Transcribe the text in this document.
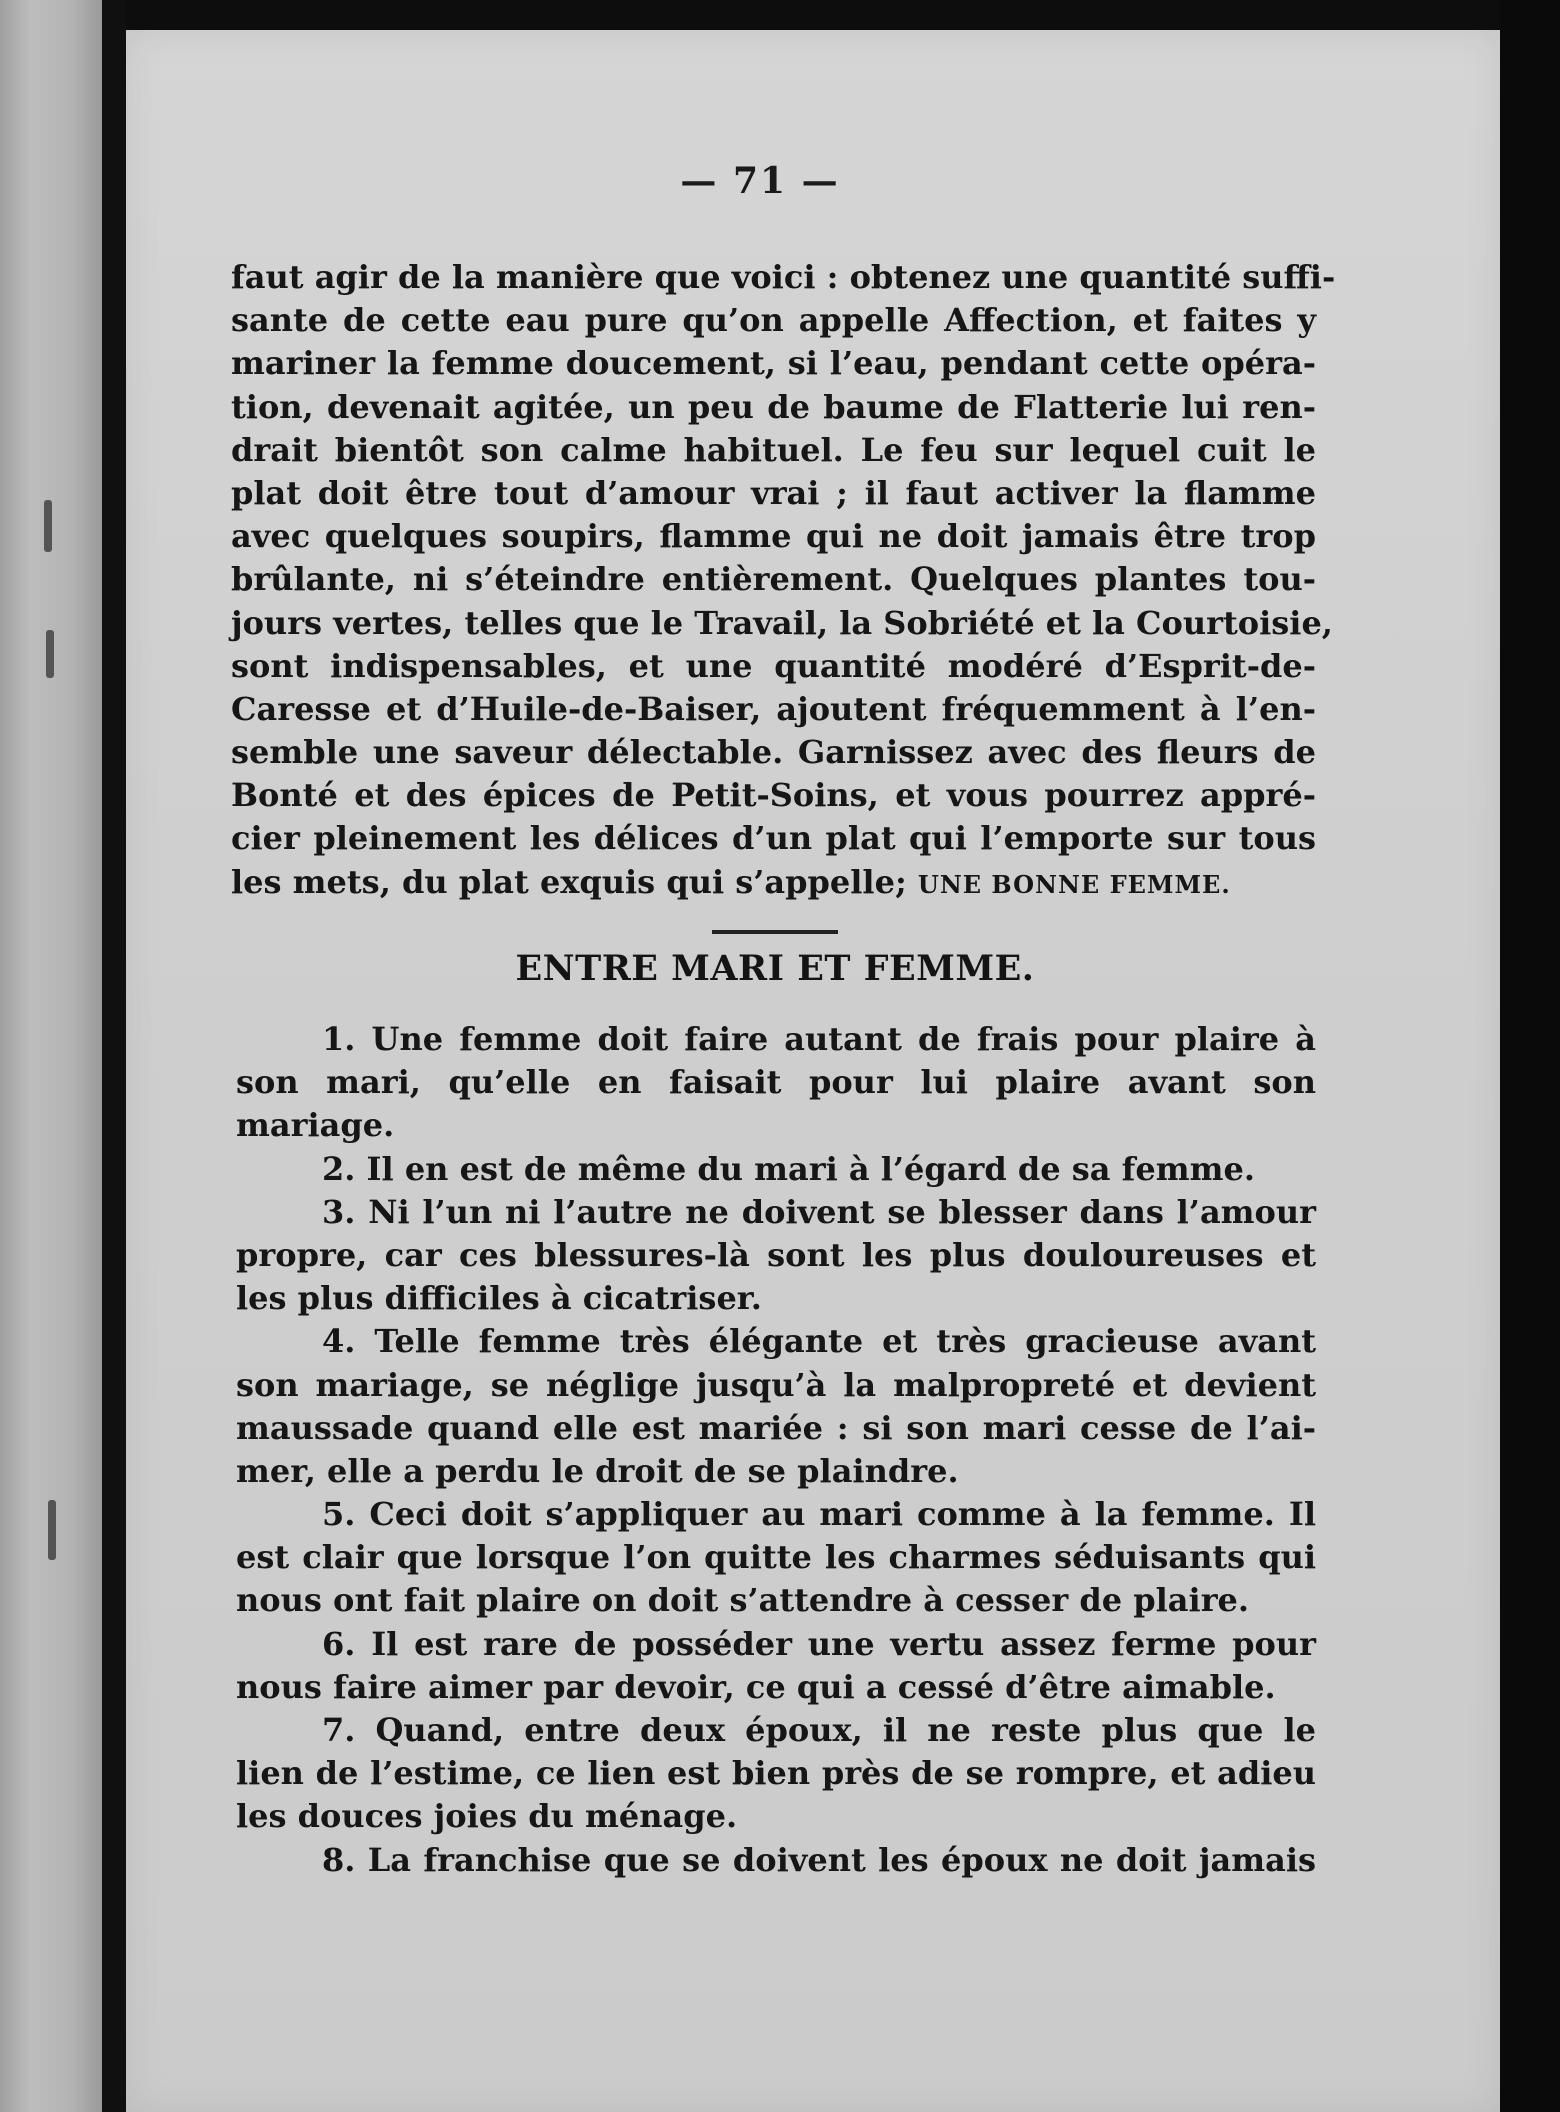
— 71 —
faut agir de la manière que voici : obtenez une quantité suffi-
sante de cette eau pure qu’on appelle Affection, et faites y
mariner la femme doucement, si l’eau, pendant cette opéra-
tion, devenait agitée, un peu de baume de Flatterie lui ren-
drait bientôt son calme habituel. Le feu sur lequel cuit le
plat doit être tout d’amour vrai ; il faut activer la flamme
avec quelques soupirs, flamme qui ne doit jamais être trop
brûlante, ni s’éteindre entièrement. Quelques plantes tou-
jours vertes, telles que le Travail, la Sobriété et la Courtoisie,
sont indispensables, et une quantité modéré d’Esprit-de-
Caresse et d’Huile-de-Baiser, ajoutent fréquemment à l’en-
semble une saveur délectable. Garnissez avec des fleurs de
Bonté et des épices de Petit-Soins, et vous pourrez appré-
cier pleinement les délices d’un plat qui l’emporte sur tous
les mets, du plat exquis qui s’appelle; UNE BONNE FEMME.
ENTRE MARI ET FEMME.
1. Une femme doit faire autant de frais pour plaire à
son mari, qu’elle en faisait pour lui plaire avant son
mariage.
2. Il en est de même du mari à l’égard de sa femme.
3. Ni l’un ni l’autre ne doivent se blesser dans l’amour
propre, car ces blessures-là sont les plus douloureuses et
les plus difficiles à cicatriser.
4. Telle femme très élégante et très gracieuse avant
son mariage, se néglige jusqu’à la malpropreté et devient
maussade quand elle est mariée : si son mari cesse de l’ai-
mer, elle a perdu le droit de se plaindre.
5. Ceci doit s’appliquer au mari comme à la femme. Il
est clair que lorsque l’on quitte les charmes séduisants qui
nous ont fait plaire on doit s’attendre à cesser de plaire.
6. Il est rare de posséder une vertu assez ferme pour
nous faire aimer par devoir, ce qui a cessé d’être aimable.
7. Quand, entre deux époux, il ne reste plus que le
lien de l’estime, ce lien est bien près de se rompre, et adieu
les douces joies du ménage.
8. La franchise que se doivent les époux ne doit jamais
